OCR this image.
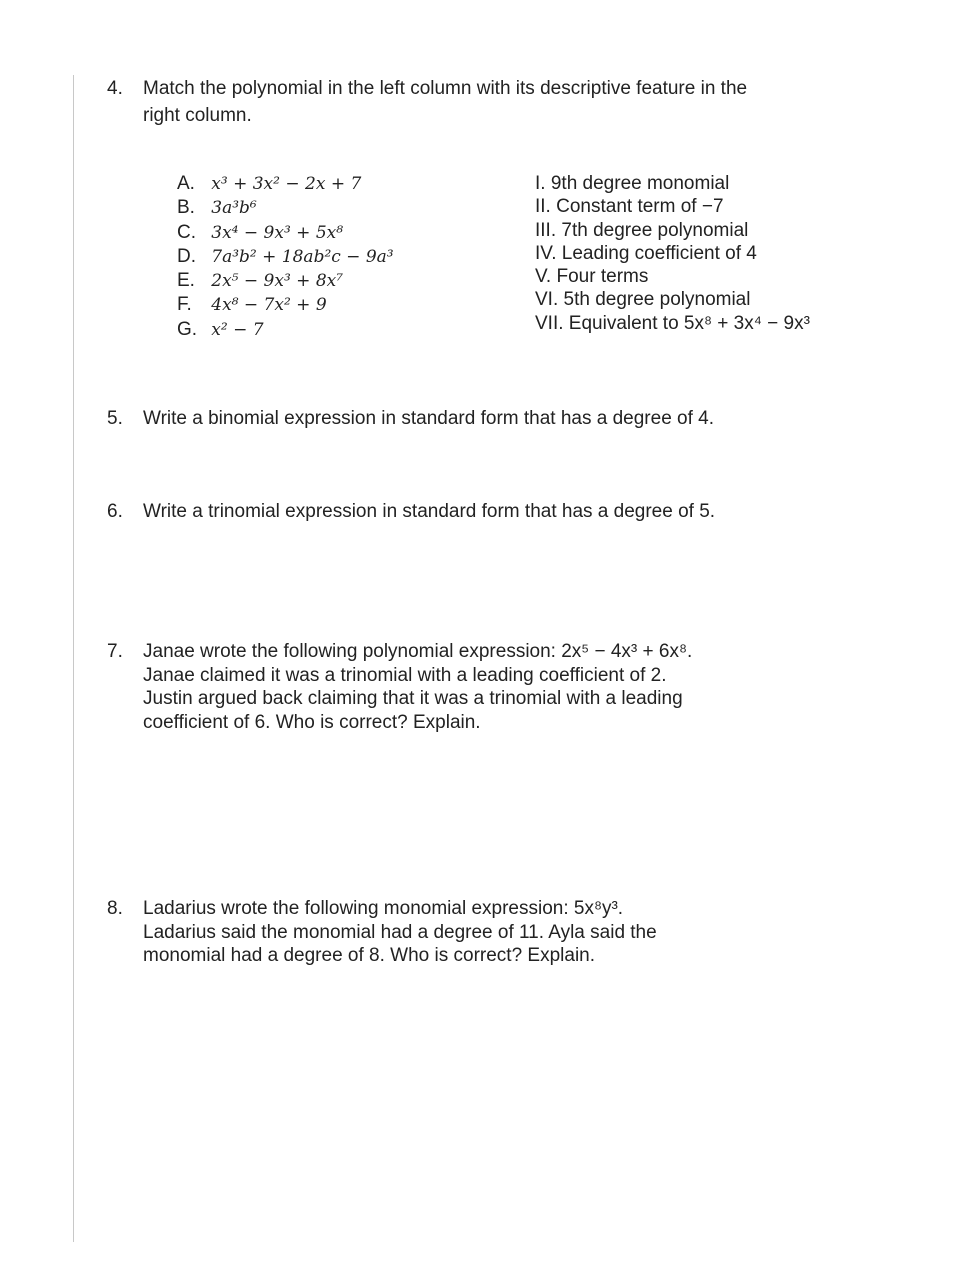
4. Match the polynomial in the left column with its descriptive feature in the
right column.
A. x³ + 3x² − 2x + 7
B. 3a³b⁶
C. 3x⁴ − 9x³ + 5x⁸
D. 7a³b² + 18ab²c − 9a³
E. 2x⁵ − 9x³ + 8x⁷
F. 4x⁸ − 7x² + 9
G. x² − 7
I. 9th degree monomial
II. Constant term of −7
III. 7th degree polynomial
IV. Leading coefficient of 4
V. Four terms
VI. 5th degree polynomial
VII. Equivalent to 5x⁸ + 3x⁴ − 9x³
5. Write a binomial expression in standard form that has a degree of 4.
6. Write a trinomial expression in standard form that has a degree of 5.
7. Janae wrote the following polynomial expression: 2x⁵ − 4x³ + 6x⁸.
Janae claimed it was a trinomial with a leading coefficient of 2.
Justin argued back claiming that it was a trinomial with a leading
coefficient of 6. Who is correct? Explain.
8. Ladarius wrote the following monomial expression: 5x⁸y³.
Ladarius said the monomial had a degree of 11. Ayla said the
monomial had a degree of 8. Who is correct? Explain.
